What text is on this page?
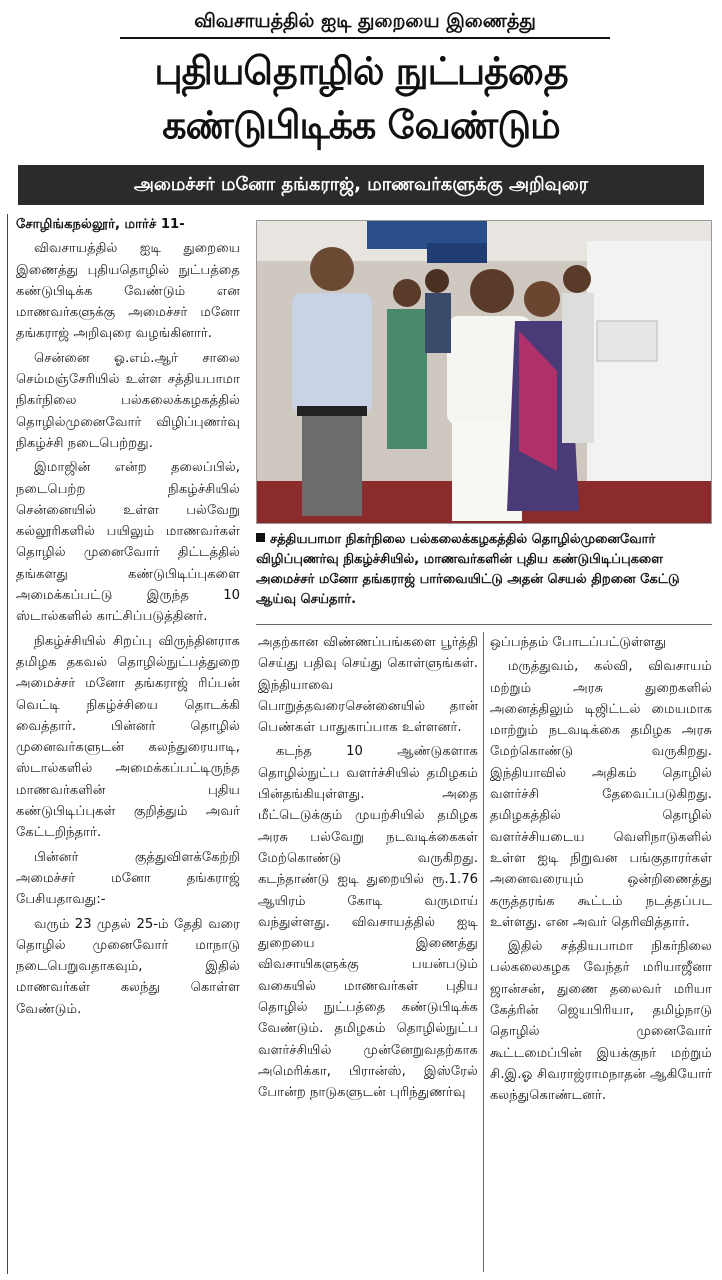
விவசாயத்தில் ஐடி துறையை இணைத்து
புதியதொழில் நுட்பத்தை
கண்டுபிடிக்க வேண்டும்
அமைச்சர் மனோ தங்கராஜ், மாணவர்களுக்கு அறிவுரை

சோழிங்கநல்லூர், மார்ச் 11-

விவசாயத்தில் ஐடி துறையை இணைத்து புதியதொழில் நுட்பத்தை கண்டுபிடிக்க வேண்டும் என மாணவர்களுக்கு அமைச்சர் மனோ தங்கராஜ் அறிவுரை வழங்கினார்.

சென்னை ஓ.எம்.ஆர் சாலை செம்மஞ்சேரியில் உள்ள சத்தியபாமா நிகர்நிலை பல்கலைக்கழகத்தில் தொழில்முனைவோர் விழிப்புணர்வு நிகழ்ச்சி நடைபெற்றது.

இமாஜின் என்ற தலைப்பில், நடைபெற்ற நிகழ்ச்சியில் சென்னையில் உள்ள பல்வேறு கல்லூரிகளில் பயிலும் மாணவர்கள் தொழில் முனைவோர் திட்டத்தில் தங்களது கண்டுபிடிப்புகளை அமைக்கப்பட்டு இருந்த 10 ஸ்டால்களில் காட்சிப்படுத்தினர்.

நிகழ்ச்சியில் சிறப்பு விருந்தினராக தமிழக தகவல் தொழில்நுட்பத்துறை அமைச்சர் மனோ தங்கராஜ் ரிப்பன் வெட்டி நிகழ்ச்சியை தொடக்கி வைத்தார். பின்னர் தொழில் முனைவர்களுடன் கலந்துரையாடி, ஸ்டால்களில் அமைக்கப்பட்டிருந்த மாணவர்களின் புதிய கண்டுபிடிப்புகள் குறித்தும் அவர் கேட்டறிந்தார்.

பின்னர் குத்துவிளக்கேற்றி அமைச்சர் மனோ தங்கராஜ் பேசியதாவது:-

வரும் 23 முதல் 25-ம் தேதி வரை தொழில் முனைவோர் மாநாடு நடைபெறுவதாகவும், இதில் மாணவர்கள் கலந்து கொள்ள வேண்டும்.

சத்தியபாமா நிகர்நிலை பல்கலைக்கழகத்தில் தொழில்முனைவோர் விழிப்புணர்வு நிகழ்ச்சியில், மாணவர்களின் புதிய கண்டுபிடிப்புகளை அமைச்சர் மனோ தங்கராஜ் பார்வையிட்டு அதன் செயல் திறனை கேட்டு ஆய்வு செய்தார்.

அதற்கான விண்ணப்பங்களை பூர்த்தி செய்து பதிவு செய்து கொள்ளுங்கள். இந்தியாவை பொறுத்தவரைசென்னையில் தான் பெண்கள் பாதுகாப்பாக உள்ளனர்.

கடந்த 10 ஆண்டுகளாக தொழில்நுட்ப வளர்ச்சியில் தமிழகம் பின்தங்கியுள்ளது. அதை மீட்டெடுக்கும் முயற்சியில் தமிழக அரசு பல்வேறு நடவடிக்கைகள் மேற்கொண்டு வருகிறது. கடந்தாண்டு ஐடி துறையில் ரூ.1.76 ஆயிரம் கோடி வருமாய் வந்துள்ளது. விவசாயத்தில் ஐடி துறையை இணைத்து விவசாயிகளுக்கு பயன்படும் வகையில் மாணவர்கள் புதிய தொழில் நுட்பத்தை கண்டுபிடிக்க வேண்டும். தமிழகம் தொழில்நுட்ப வளர்ச்சியில் முன்னேறுவதற்காக அமெரிக்கா, பிரான்ஸ், இஸ்ரேல் போன்ற நாடுகளுடன் புரிந்துணர்வு

ஒப்பந்தம் போடப்பட்டுள்ளது

மருத்துவம், கல்வி, விவசாயம் மற்றும் அரசு துறைகளில் அனைத்திலும் டிஜிட்டல் மையமாக மாற்றும் நடவடிக்கை தமிழக அரசு மேற்கொண்டு வருகிறது. இந்தியாவில் அதிகம் தொழில் வளர்ச்சி தேவைப்படுகிறது. தமிழகத்தில் தொழில் வளர்ச்சியடைய வெளிநாடுகளில் உள்ள ஐடி நிறுவன பங்குதாரர்கள் அனைவரையும் ஒன்றிணைத்து கருத்தரங்க கூட்டம் நடத்தப்பட உள்ளது. என அவர் தெரிவித்தார்.

இதில் சத்தியபாமா நிகர்நிலை பல்கலைகழக வேந்தர் மரியாஜீனா ஜான்சன், துணை தலைவர் மரியா கேத்ரின் ஜெயபிரியா, தமிழ்நாடு தொழில் முனைவோர் கூட்டமைப்பின் இயக்குநர் மற்றும் சி.இ.ஓ சிவராஜ்ராமநாதன் ஆகியோர் கலந்துகொண்டனர்.
